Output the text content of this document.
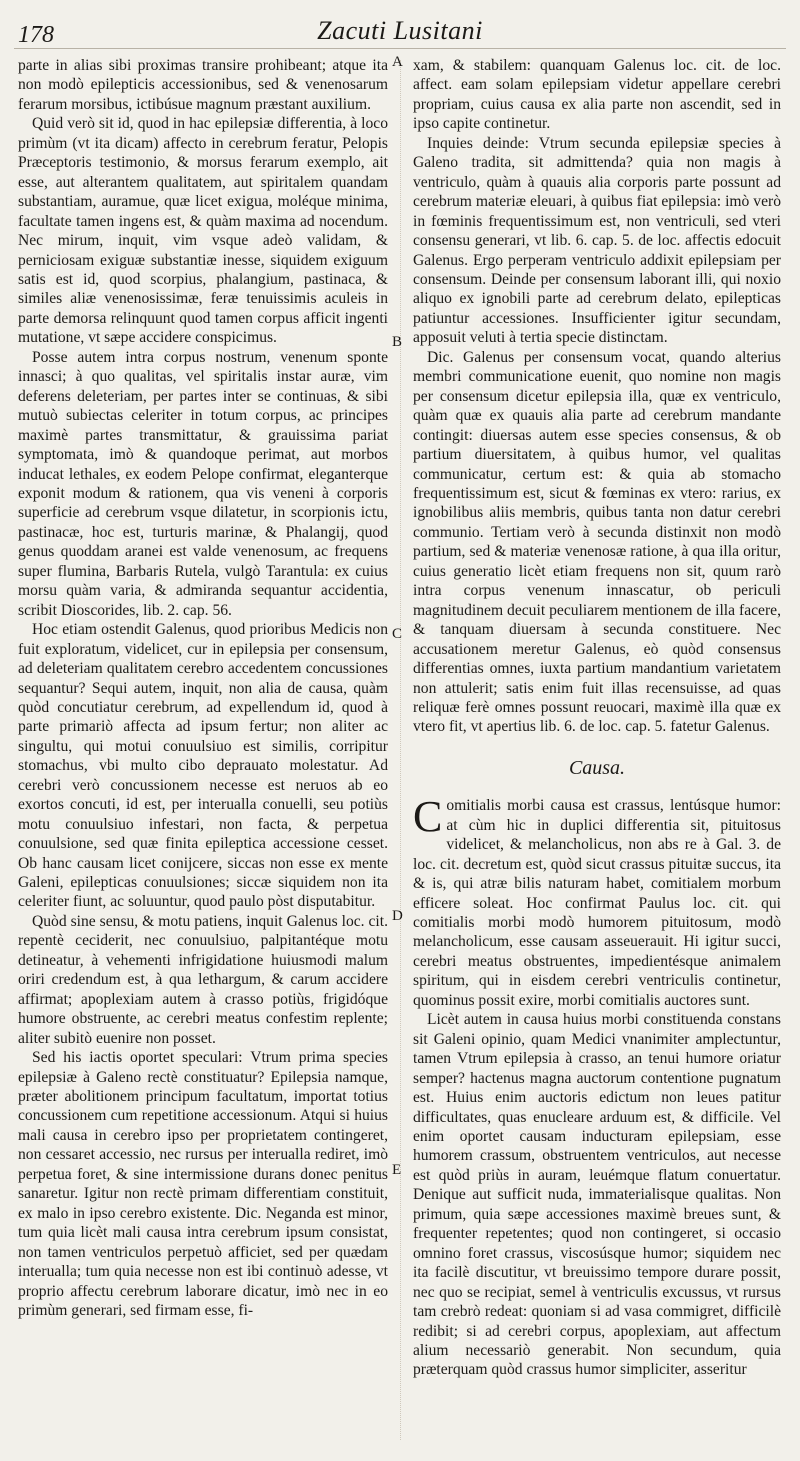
178	Zacuti Lusitani

parte in alias sibi proximas transire prohibeant; atque ita non modò epilepticis accessionibus, sed & venenosarum ferarum morsibus, ictibúsue magnum præstant auxilium.

Quid verò sit id, quod in hac epilepsiæ differentia, à loco primùm (vt ita dicam) affecto in cerebrum feratur, Pelopis Præceptoris testimonio, & morsus ferarum exemplo, ait esse, aut alterantem qualitatem, aut spiritalem quandam substantiam, auramue, quæ licet exigua, moléque minima, facultate tamen ingens est, & quàm maxima ad nocendum. Nec mirum, inquit, vim vsque adeò validam, & perniciosam exiguæ substantiæ inesse, siquidem exiguum satis est id, quod scorpius, phalangium, pastinaca, & similes aliæ venenosissimæ, feræ tenuissimis aculeis in parte demorsa relinquunt quod tamen corpus afficit ingenti mutatione, vt sæpe accidere conspicimus.

Posse autem intra corpus nostrum, venenum sponte innasci; à quo qualitas, vel spiritalis instar auræ, vim deferens deleteriam, per partes inter se continuas, & sibi mutuò subiectas celeriter in totum corpus, ac principes maximè partes transmittatur, & grauissima pariat symptomata, imò & quandoque perimat, aut morbos inducat lethales, ex eodem Pelope confirmat, eleganterque exponit modum & rationem, qua vis veneni à corporis superficie ad cerebrum vsque dilatetur, in scorpionis ictu, pastinacæ, hoc est, turturis marinæ, & Phalangij, quod genus quoddam aranei est valde venenosum, ac frequens super flumina, Barbaris Rutela, vulgò Tarantula: ex cuius morsu quàm varia, & admiranda sequantur accidentia, scribit Dioscorides, lib. 2. cap. 56.

Hoc etiam ostendit Galenus, quod prioribus Medicis non fuit exploratum, videlicet, cur in epilepsia per consensum, ad deleteriam qualitatem cerebro accedentem concussiones sequantur? Sequi autem, inquit, non alia de causa, quàm quòd concutiatur cerebrum, ad expellendum id, quod à parte primariò affecta ad ipsum fertur; non aliter ac singultu, qui motui conuulsiuo est similis, corripitur stomachus, vbi multo cibo deprauato molestatur. Ad cerebri verò concussionem necesse est neruos ab eo exortos concuti, id est, per interualla conuelli, seu potiùs motu conuulsiuo infestari, non facta, & perpetua conuulsione, sed quæ finita epileptica accessione cesset. Ob hanc causam licet conijcere, siccas non esse ex mente Galeni, epilepticas conuulsiones; siccæ siquidem non ita celeriter fiunt, ac soluuntur, quod paulo pòst disputabitur.

Quòd sine sensu, & motu patiens, inquit Galenus loc. cit. repentè ceciderit, nec conuulsiuo, palpitantéque motu detineatur, à vehementi infrigidatione huiusmodi malum oriri credendum est, à qua lethargum, & carum accidere affirmat; apoplexiam autem à crasso potiùs, frigidóque humore obstruente, ac cerebri meatus confestim replente; aliter subitò euenire non posset.

Sed his iactis oportet speculari: Vtrum prima species epilepsiæ à Galeno rectè constituatur? Epilepsia namque, præter abolitionem principum facultatum, importat totius concussionem cum repetitione accessionum. Atqui si huius mali causa in cerebro ipso per proprietatem contingeret, non cessaret accessio, nec rursus per interualla rediret, imò perpetua foret, & sine intermissione durans donec penitus sanaretur. Igitur non rectè primam differentiam constituit, ex malo in ipso cerebro existente. Dic. Neganda est minor, tum quia licèt mali causa intra cerebrum ipsum consistat, non tamen ventriculos perpetuò afficiet, sed per quædam interualla; tum quia necesse non est ibi continuò adesse, vt proprio affectu cerebrum laborare dicatur, imò nec in eo primùm generari, sed firmam esse, fi-

A
B
C
D
E

xam, & stabilem: quanquam Galenus loc. cit. de loc. affect. eam solam epilepsiam videtur appellare cerebri propriam, cuius causa ex alia parte non ascendit, sed in ipso capite continetur.

Inquies deinde: Vtrum secunda epilepsiæ species à Galeno tradita, sit admittenda? quia non magis à ventriculo, quàm à quauis alia corporis parte possunt ad cerebrum materiæ eleuari, à quibus fiat epilepsia: imò verò in fœminis frequentissimum est, non ventriculi, sed vteri consensu generari, vt lib. 6. cap. 5. de loc. affectis edocuit Galenus. Ergo perperam ventriculo addixit epilepsiam per consensum. Deinde per consensum laborant illi, qui noxio aliquo ex ignobili parte ad cerebrum delato, epilepticas patiuntur accessiones. Insufficienter igitur secundam, apposuit veluti à tertia specie distinctam.

Dic. Galenus per consensum vocat, quando alterius membri communicatione euenit, quo nomine non magis per consensum dicetur epilepsia illa, quæ ex ventriculo, quàm quæ ex quauis alia parte ad cerebrum mandante contingit: diuersas autem esse species consensus, & ob partium diuersitatem, à quibus humor, vel qualitas communicatur, certum est: & quia ab stomacho frequentissimum est, sicut & fœminas ex vtero: rarius, ex ignobilibus aliis membris, quibus tanta non datur cerebri communio. Tertiam verò à secunda distinxit non modò partium, sed & materiæ venenosæ ratione, à qua illa oritur, cuius generatio licèt etiam frequens non sit, quum rarò intra corpus venenum innascatur, ob periculi magnitudinem decuit peculiarem mentionem de illa facere, & tanquam diuersam à secunda constituere. Nec accusationem meretur Galenus, eò quòd consensus differentias omnes, iuxta partium mandantium varietatem non attulerit; satis enim fuit illas recensuisse, ad quas reliquæ ferè omnes possunt reuocari, maximè illa quæ ex vtero fit, vt apertius lib. 6. de loc. cap. 5. fatetur Galenus.

Causa.

Comitialis morbi causa est crassus, lentúsque humor: at cùm hic in duplici differentia sit, pituitosus videlicet, & melancholicus, non abs re à Gal. 3. de loc. cit. decretum est, quòd sicut crassus pituitæ succus, ita & is, qui atræ bilis naturam habet, comitialem morbum efficere soleat. Hoc confirmat Paulus loc. cit. qui comitialis morbi modò humorem pituitosum, modò melancholicum, esse causam asseuerauit. Hi igitur succi, cerebri meatus obstruentes, impedientésque animalem spiritum, qui in eisdem cerebri ventriculis continetur, quominus possit exire, morbi comitialis auctores sunt.

Licèt autem in causa huius morbi constituenda constans sit Galeni opinio, quam Medici vnanimiter amplectuntur, tamen Vtrum epilepsia à crasso, an tenui humore oriatur semper? hactenus magna auctorum contentione pugnatum est. Huius enim auctoris edictum non leues patitur difficultates, quas enucleare arduum est, & difficile. Vel enim oportet causam inducturam epilepsiam, esse humorem crassum, obstruentem ventriculos, aut necesse est quòd priùs in auram, leuémque flatum conuertatur. Denique aut sufficit nuda, immaterialisque qualitas. Non primum, quia sæpe accessiones maximè breues sunt, & frequenter repetentes; quod non contingeret, si occasio omnino foret crassus, viscosúsque humor; siquidem nec ita facilè discutitur, vt breuissimo tempore durare possit, nec quo se recipiat, semel à ventriculis excussus, vt rursus tam crebrò redeat: quoniam si ad vasa commigret, difficilè redibit; si ad cerebri corpus, apoplexiam, aut affectum alium necessariò generabit. Non secundum, quia præterquam quòd crassus humor simpliciter, asseritur
